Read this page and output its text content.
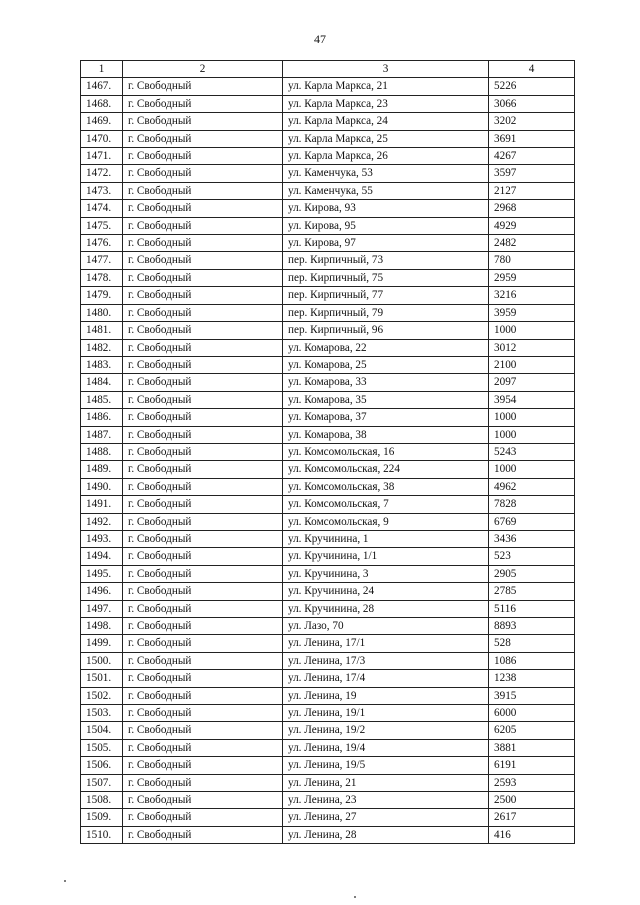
47
1	2	3	4
1467.	г. Свободный	ул. Карла Маркса, 21	5226
1468.	г. Свободный	ул. Карла Маркса, 23	3066
1469.	г. Свободный	ул. Карла Маркса, 24	3202
1470.	г. Свободный	ул. Карла Маркса, 25	3691
1471.	г. Свободный	ул. Карла Маркса, 26	4267
1472.	г. Свободный	ул. Каменчука, 53	3597
1473.	г. Свободный	ул. Каменчука, 55	2127
1474.	г. Свободный	ул. Кирова, 93	2968
1475.	г. Свободный	ул. Кирова, 95	4929
1476.	г. Свободный	ул. Кирова, 97	2482
1477.	г. Свободный	пер. Кирпичный, 73	780
1478.	г. Свободный	пер. Кирпичный, 75	2959
1479.	г. Свободный	пер. Кирпичный, 77	3216
1480.	г. Свободный	пер. Кирпичный, 79	3959
1481.	г. Свободный	пер. Кирпичный, 96	1000
1482.	г. Свободный	ул. Комарова, 22	3012
1483.	г. Свободный	ул. Комарова, 25	2100
1484.	г. Свободный	ул. Комарова, 33	2097
1485.	г. Свободный	ул. Комарова, 35	3954
1486.	г. Свободный	ул. Комарова, 37	1000
1487.	г. Свободный	ул. Комарова, 38	1000
1488.	г. Свободный	ул. Комсомольская, 16	5243
1489.	г. Свободный	ул. Комсомольская, 224	1000
1490.	г. Свободный	ул. Комсомольская, 38	4962
1491.	г. Свободный	ул. Комсомольская, 7	7828
1492.	г. Свободный	ул. Комсомольская, 9	6769
1493.	г. Свободный	ул. Кручинина, 1	3436
1494.	г. Свободный	ул. Кручинина, 1/1	523
1495.	г. Свободный	ул. Кручинина, 3	2905
1496.	г. Свободный	ул. Кручинина, 24	2785
1497.	г. Свободный	ул. Кручинина, 28	5116
1498.	г. Свободный	ул. Лазо, 70	8893
1499.	г. Свободный	ул. Ленина, 17/1	528
1500.	г. Свободный	ул. Ленина, 17/3	1086
1501.	г. Свободный	ул. Ленина, 17/4	1238
1502.	г. Свободный	ул. Ленина, 19	3915
1503.	г. Свободный	ул. Ленина, 19/1	6000
1504.	г. Свободный	ул. Ленина, 19/2	6205
1505.	г. Свободный	ул. Ленина, 19/4	3881
1506.	г. Свободный	ул. Ленина, 19/5	6191
1507.	г. Свободный	ул. Ленина, 21	2593
1508.	г. Свободный	ул. Ленина, 23	2500
1509.	г. Свободный	ул. Ленина, 27	2617
1510.	г. Свободный	ул. Ленина, 28	416
